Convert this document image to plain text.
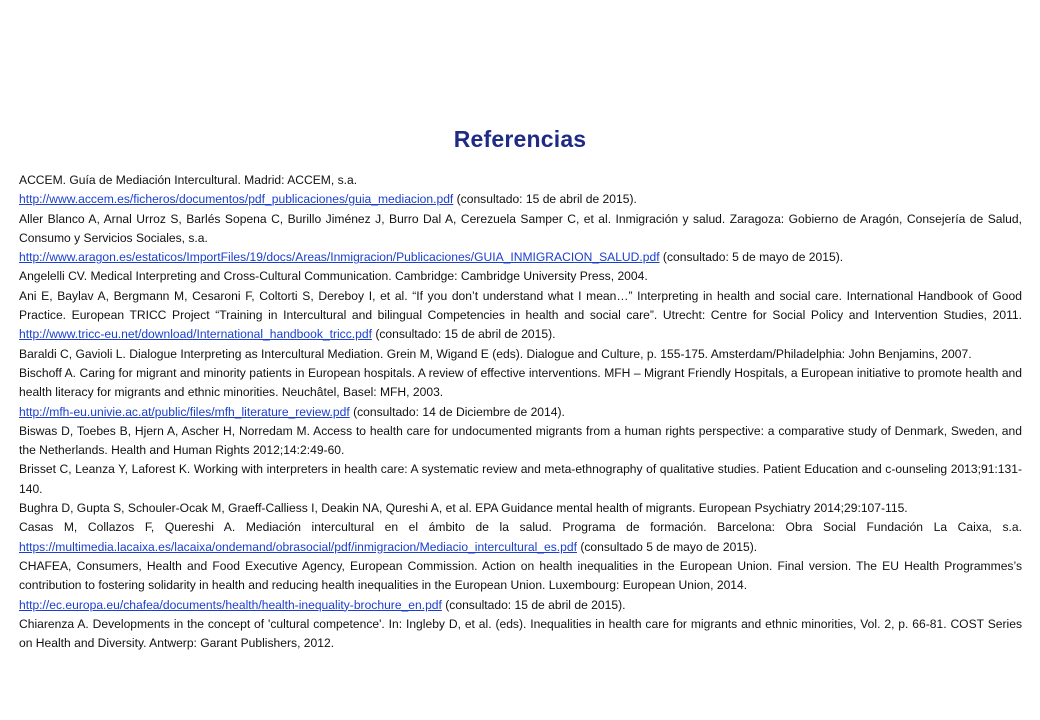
Referencias

ACCEM. Guía de Mediación Intercultural. Madrid: ACCEM, s.a.

http://www.accem.es/ficheros/documentos/pdf_publicaciones/guia_mediacion.pdf (consultado: 15 de abril de 2015).

Aller Blanco A, Arnal Urroz S, Barlés Sopena C, Burillo Jiménez J, Burro Dal A, Cerezuela Samper C, et al. Inmigración y salud. Zaragoza: Gobierno de Aragón, Consejería de Salud, Consumo y Servicios Sociales, s.a.

http://www.aragon.es/estaticos/ImportFiles/19/docs/Areas/Inmigracion/Publicaciones/GUIA_INMIGRACION_SALUD.pdf (consultado: 5 de mayo de 2015).

Angelelli CV. Medical Interpreting and Cross-Cultural Communication. Cambridge: Cambridge University Press, 2004.

Ani E, Baylav A, Bergmann M, Cesaroni F, Coltorti S, Dereboy I, et al. “If you don’t understand what I mean…” Interpreting in health and social care. International Handbook of Good Practice. European TRICC Project “Training in Intercultural and bilingual Competencies in health and social care”. Utrecht: Centre for Social Policy and Intervention Studies, 2011. http://www.tricc-eu.net/download/International_handbook_tricc.pdf (consultado: 15 de abril de 2015).

Baraldi C, Gavioli L. Dialogue Interpreting as Intercultural Mediation. Grein M, Wigand E (eds). Dialogue and Culture, p. 155-175. Amsterdam/Philadelphia: John Benjamins, 2007.

Bischoff A. Caring for migrant and minority patients in European hospitals. A review of effective interventions. MFH – Migrant Friendly Hospitals, a European initiative to promote health and health literacy for migrants and ethnic minorities. Neuchâtel, Basel: MFH, 2003.

http://mfh-eu.univie.ac.at/public/files/mfh_literature_review.pdf (consultado: 14 de Diciembre de 2014).

Biswas D, Toebes B, Hjern A, Ascher H, Norredam M. Access to health care for undocumented migrants from a human rights perspective: a comparative study of Denmark, Sweden, and the Netherlands. Health and Human Rights 2012;14:2:49-60.

Brisset C, Leanza Y, Laforest K. Working with interpreters in health care: A systematic review and meta-ethnography of qualitative studies. Patient Education and c-ounseling 2013;91:131-140.

Bughra D, Gupta S, Schouler-Ocak M, Graeff-Calliess I, Deakin NA, Qureshi A, et al. EPA Guidance mental health of migrants. European Psychiatry 2014;29:107-115.

Casas M, Collazos F, Quereshi A. Mediación intercultural en el ámbito de la salud. Programa de formación. Barcelona: Obra Social Fundación La Caixa, s.a. https://multimedia.lacaixa.es/lacaixa/ondemand/obrasocial/pdf/inmigracion/Mediacio_intercultural_es.pdf (consultado 5 de mayo de 2015).

CHAFEA, Consumers, Health and Food Executive Agency, European Commission. Action on health inequalities in the European Union. Final version. The EU Health Programmes’s contribution to fostering solidarity in health and reducing health inequalities in the European Union. Luxembourg: European Union, 2014.

http://ec.europa.eu/chafea/documents/health/health-inequality-brochure_en.pdf (consultado: 15 de abril de 2015).

Chiarenza A. Developments in the concept of 'cultural competence'. In: Ingleby D, et al. (eds). Inequalities in health care for migrants and ethnic minorities, Vol. 2, p. 66-81. COST Series on Health and Diversity. Antwerp: Garant Publishers, 2012.
